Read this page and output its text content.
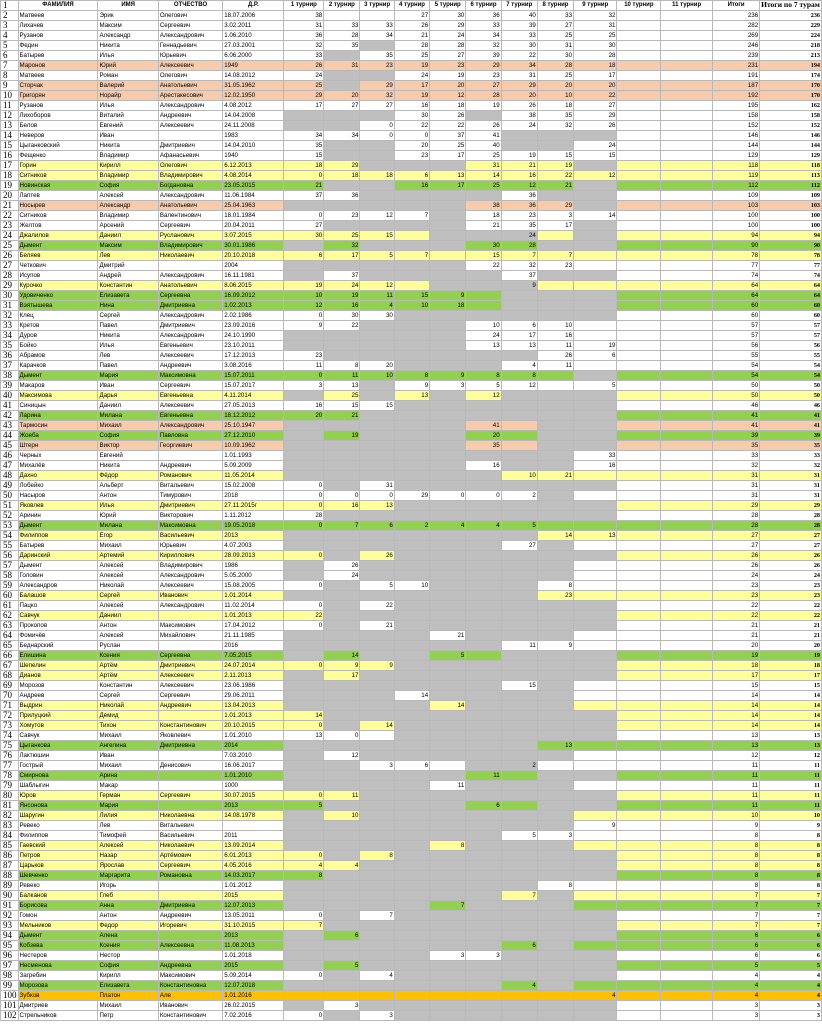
1	ФАМИЛИЯ	ИМЯ	ОТЧЕСТВО	Д.Р.	1 турнир	2 турнир	3 турнир	4 турнир	5 турнир	6 турнир	7 турнир	8 турнир	9 турнир	10 турнир	11 турнир	Итоги	Итоги по 7 турам
2	Матвеев	Эрик	Олегович	18.07.2006	38			27	30	36	40	33	32			236	236
3	Лихачев	Максим	Сергеевич	3.02.2011	31	33	33	26	29	33	39	27	31			282	229
4	Рузанов	Александр	Александрович	1.06.2010	36	28	34	21	24	34	33	25	25			269	224
5	Федин	Никита	Геннадьевич	27.03.2001	32	35		28	28	32	30	31	30			246	218
6	Батырев	Илья	Юрьевич	6.06.2000	33		35	25	27	39	22	30	28			239	213
7	Маронов	Юрий	Алексеевич	1949	26	31	23	19	23	29	34	28	18			231	194
8	Матвеев	Роман	Олегович	14.08.2012	24			24	19	23	31	25	17			191	174
9	Сторчак	Валерий	Анатольевич	31.05.1962	25		29	17	20	27	29	20	20			187	170
10	Григорян	Норайр	Арестакесович	12.02.1950	29	20	32	19	12	28	20	10	22			192	170
11	Рузанов	Илья	Александрович	4.08.2012	17	27	27	16	18	19	26	18	27			195	162
12	Лихоборов	Виталий	Андреевич	14.04.2008				30	26		38	35	29			158	158
13	Белов	Евгений	Алексеевич	24.11.2008			0	22	22	26	24	32	26			152	152
14	Неверов	Иван		1983	34	34	0	0	37	41						146	146
15	Цыганковский	Никита	Дмитриевич	14.04.2010	35			20	25	40			24			144	144
16	Фещенко	Владимир	Афанасьевич	1940	15			23	17	25	19	15	15			129	129
17	Горин	Кирилл	Олегович	6.12.2013	18	29				31	21	19				118	118
18	Ситников	Владимир	Владимирович	4.08.2014	0	18	18	6	13	14	16	22	12			119	113
19	Новинская	София	Богдановна	23.05.2015	21			16	17	25	12	21				112	112
20	Лаптев	Алексей	Александрович	11.06.1984	37	36					36					109	109
21	Носырев	Александр	Анатольевич	25.04.1963						38	36	29				103	103
22	Ситников	Владимир	Валентинович	18.01.1984	0	23	12	7		18	23	3	14			100	100
23	Желтов	Арсений	Сергеевич	20.04.2011	27					21	35	17				100	100
24	Джалилов	Даниил	Русланович	3.07.2015	30	25	15				24					94	94
25	Дымент	Максим	Владимирович	30.01.1986		32				30	28					90	90
26	Беляев	Лев	Николаевич	20.10.2018	6	17	5	7		15	7	7				78	78
27	Четкович	Дмитрий		2004						22	32	23				77	77
28	Исупов	Андрей	Александрович	16.11.1981		37					37					74	74
29	Курочко	Константин	Анатольевич	8.06.2015	19	24	12				9					64	64
30	Удовиченко	Елизавета	Сергеевна	16.09.2012	10	19	11	15	9							64	64
31	Вэятышева	Нина	Дмитриевна	1.02.2013	12	16	4	10	18							60	60
32	Клец	Сергей	Александрович	2.02.1986	0	30	30									60	60
33	Кретов	Павел	Дмитриевич	23.09.2016	9	22				10	6	10				57	57
34	Дуров	Никита	Александрович	24.10.1990						24	17	16				57	57
35	Бойко	Илья	Евгеньевич	23.10.2011						13	13	11	19			56	56
36	Абрамов	Лев	Алексеевич	17.12.2013	23							26	6			55	55
37	Карачков	Павел	Андреевич	3.08.2016	11	8	20				4	11				54	54
38	Дымент	Мария	Максимовна	15.07.2011	0	11	10	8	9	8	8					54	54
39	Макаров	Иван	Сергеевич	15.07.2017	3	13		9	3	5	12		5			50	50
40	Максимова	Дарья	Евгеньевна	4.11.2014		25		13		12						50	50
41	Синицын	Даниил	Алексеевич	27.05.2013	16	15	15									46	46
42	Ларина	Милана	Евгеньевна	18.12.2012	20	21										41	41
43	Тармосин	Михаил	Александрович	25.10.1947						41						41	41
44	Жоеба	София	Павловна	27.12.2010		19				20						39	39
45	Штерн	Виктор	Георгиевич	10.09.1962						35						35	35
46	Черных	Евгений		1.01.1993									33			33	33
47	Михалёв	Никита	Андреевич	5.09.2009						16			16			32	32
48	Дахно	Фёдор	Романович	11.05.2014							10	21				31	31
49	Лобейко	Альберт	Витальевич	15.02.2008	0		31									31	31
50	Насыров	Антон	Тимурович	2018	0	0	0	29	0	0	2					31	31
51	Яковлев	Илья	Дмитриевич	27.11.2015г	0	16	13									29	29
52	Аринин	Юрий	Викторович	1.11.2012	28											28	28
53	Дымент	Милана	Максимовна	19.05.2018	0	7	6	2	4	4	5					28	28
54	Филиппов	Егор	Васильевич	2013								14	13			27	27
55	Батырев	Михаил	Юрьевич	4.07.2003							27					27	27
56	Даринский	Артемий	Кириллович	28.09.2013	0		26									26	26
57	Дымент	Алексей	Владимирович	1986		26										26	26
58	Головин	Алексей	Александрович	5.05.2000		24										24	24
59	Александров	Николай	Алексеевич	15.08.2005	0		5	10				8				23	23
60	Балашов	Сергей	Иванович	1.01.2014								23				23	23
61	Пацко	Алексей	Александрович	11.02.2014	0		22									22	22
62	Савчук	Даниил		1.01.2013	22											22	22
63	Прокопов	Антон	Максимович	17.04.2012	0		21									21	21
64	Фомичёв	Алексей	Михайлович	21.11.1985					21							21	21
65	Беднарский	Руслан		2016							11	9				20	20
66	Елишина	Ксения	Сергеевна	7.05.2015		14			5							19	19
67	Шепелин	Артём	Дмитриевич	24.07.2014	0	9	9									18	18
68	Дианов	Артём	Алексеевич	2.11.2013		17										17	17
69	Морозов	Константин	Алексеевич	23.06.1986							15					15	15
70	Андреев	Сергей	Сергеевич	29.06.2011				14								14	14
71	Выдрин	Николай	Андреевич	13.04.2013					14							14	14
72	Прилуцкий	Демид		1.01.2013	14											14	14
73	Хомутов	Тихон	Константинович	20.10.2015	0		14									14	14
74	Савчук	Михаил	Яковлевич	1.01.2010	13	0										13	13
75	Цыганкова	Ангелина	Дмитриевна	2014								13				13	13
76	Лактюшин	Иван		7.03.2010		12										12	12
77	Гострый	Михаил	Денисович	16.06.2017			3	6			2					11	11
78	Смирнова	Арина		1.01.2010						11						11	11
79	Шаблыгин	Макар		1000					11							11	11
80	Юров	Герман	Сергеевич	30.07.2015	0	11										11	11
81	Янсонова	Мария		2013	5					6						11	11
82	Шаругин	Лилия	Николаевна	14.08.1978		10										10	10
83	Ревеко	Лев	Витальевич										9			9	9
84	Филиппов	Тимофей	Васильевич	2011							5	3				8	8
85	Гаевский	Алексей	Николаевич	13.09.2014					8							8	8
86	Петров	Назар	Артёмович	6.01.2013	0		8									8	8
87	Царьков	Ярослав	Сергеевич	4.05.2016	4	4										8	8
88	Шевченко	Маргарита	Романовна	14.03.2017	8											8	8
89	Ревеко	Игорь		1.01.2012								8				8	8
90	Балканов	Глеб		2015							7					7	7
91	Борисова	Анна	Дмитриевна	12.07.2013					7							7	7
92	Гомон	Антон	Андреевич	13.05.2011	0		7									7	7
93	Мельников	Федор	Игоревич	31.10.2015	7											7	7
94	Дымент	Алена		2013		6										6	6
95	Кобзева	Ксения	Алексеевна	11.08.2013							6					6	6
96	Нестеров	Нестор		1.01.2018					3	3						6	6
97	Несменова	София	Андреевна	2015		5										5	5
98	Загребин	Кирилл	Максимович	5.09.2014	0		4									4	4
99	Морозова	Елизавета	Константиновна	12.07.2018							4					4	4
100	Зубков	Платон	Але	1.01.2016									4			4	4
101	Дмитриев	Михаил	Иванович	26.02.2015		3										3	3
102	Стрельников	Петр	Константинович	7.02.2016	0		3									3	3
